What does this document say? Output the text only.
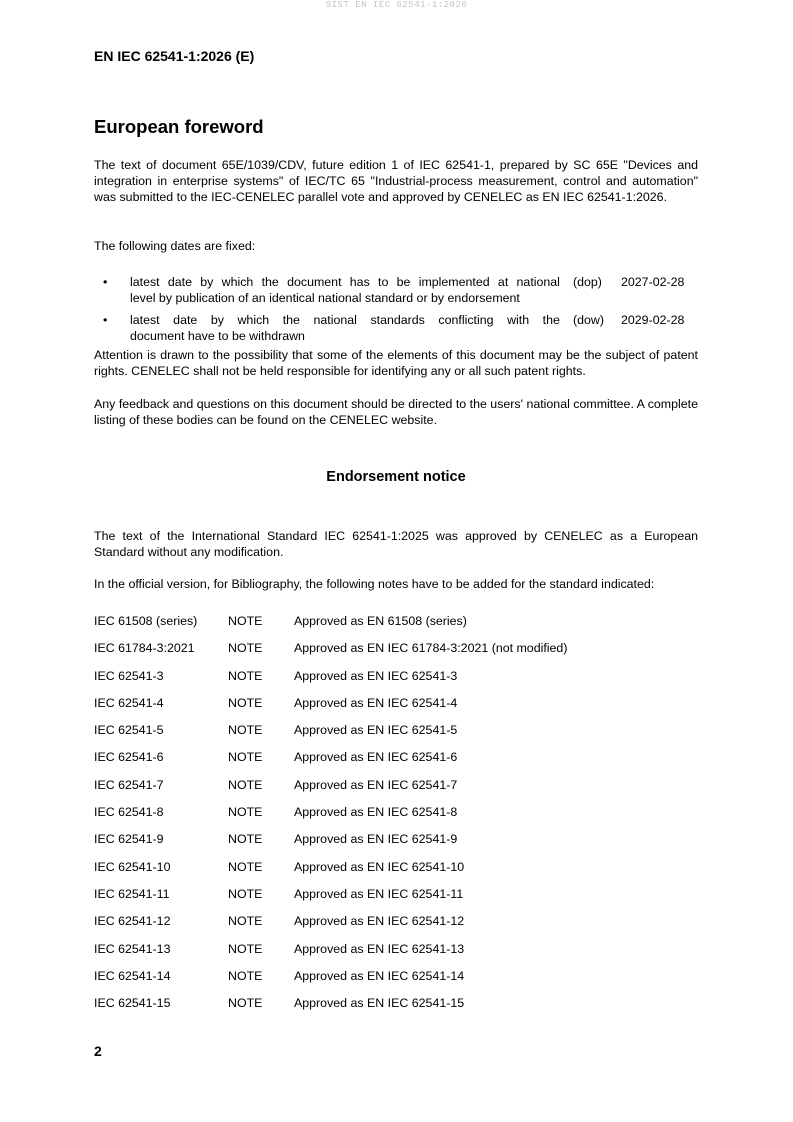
SIST EN IEC 62541-1:2026
EN IEC 62541-1:2026 (E)
European foreword

The text of document 65E/1039/CDV, future edition 1 of IEC 62541-1, prepared by SC 65E "Devices and integration in enterprise systems" of IEC/TC 65 "Industrial-process measurement, control and automation" was submitted to the IEC-CENELEC parallel vote and approved by CENELEC as EN IEC 62541-1:2026.

The following dates are fixed:

• latest date by which the document has to be implemented at national
level by publication of an identical national standard or by endorsement
(dop) 2027-02-28
• latest date by which the national standards conflicting with the
document have to be withdrawn
(dow) 2029-02-28

Attention is drawn to the possibility that some of the elements of this document may be the subject of patent rights. CENELEC shall not be held responsible for identifying any or all such patent rights.

Any feedback and questions on this document should be directed to the users' national committee. A complete listing of these bodies can be found on the CENELEC website.

Endorsement notice

The text of the International Standard IEC 62541-1:2025 was approved by CENELEC as a European Standard without any modification.

In the official version, for Bibliography, the following notes have to be added for the standard indicated:

IEC 61508 (series) NOTE	Approved as EN 61508 (series)
IEC 61784-3:2021	NOTE	Approved as EN IEC 61784-3:2021 (not modified)
IEC 62541-3	NOTE	Approved as EN IEC 62541-3
IEC 62541-4	NOTE	Approved as EN IEC 62541-4
IEC 62541-5	NOTE	Approved as EN IEC 62541-5
IEC 62541-6	NOTE	Approved as EN IEC 62541-6
IEC 62541-7	NOTE	Approved as EN IEC 62541-7
IEC 62541-8	NOTE	Approved as EN IEC 62541-8
IEC 62541-9	NOTE	Approved as EN IEC 62541-9
IEC 62541-10	NOTE	Approved as EN IEC 62541-10
IEC 62541-11	NOTE	Approved as EN IEC 62541-11
IEC 62541-12	NOTE	Approved as EN IEC 62541-12
IEC 62541-13	NOTE	Approved as EN IEC 62541-13
IEC 62541-14	NOTE	Approved as EN IEC 62541-14
IEC 62541-15	NOTE	Approved as EN IEC 62541-15
2
